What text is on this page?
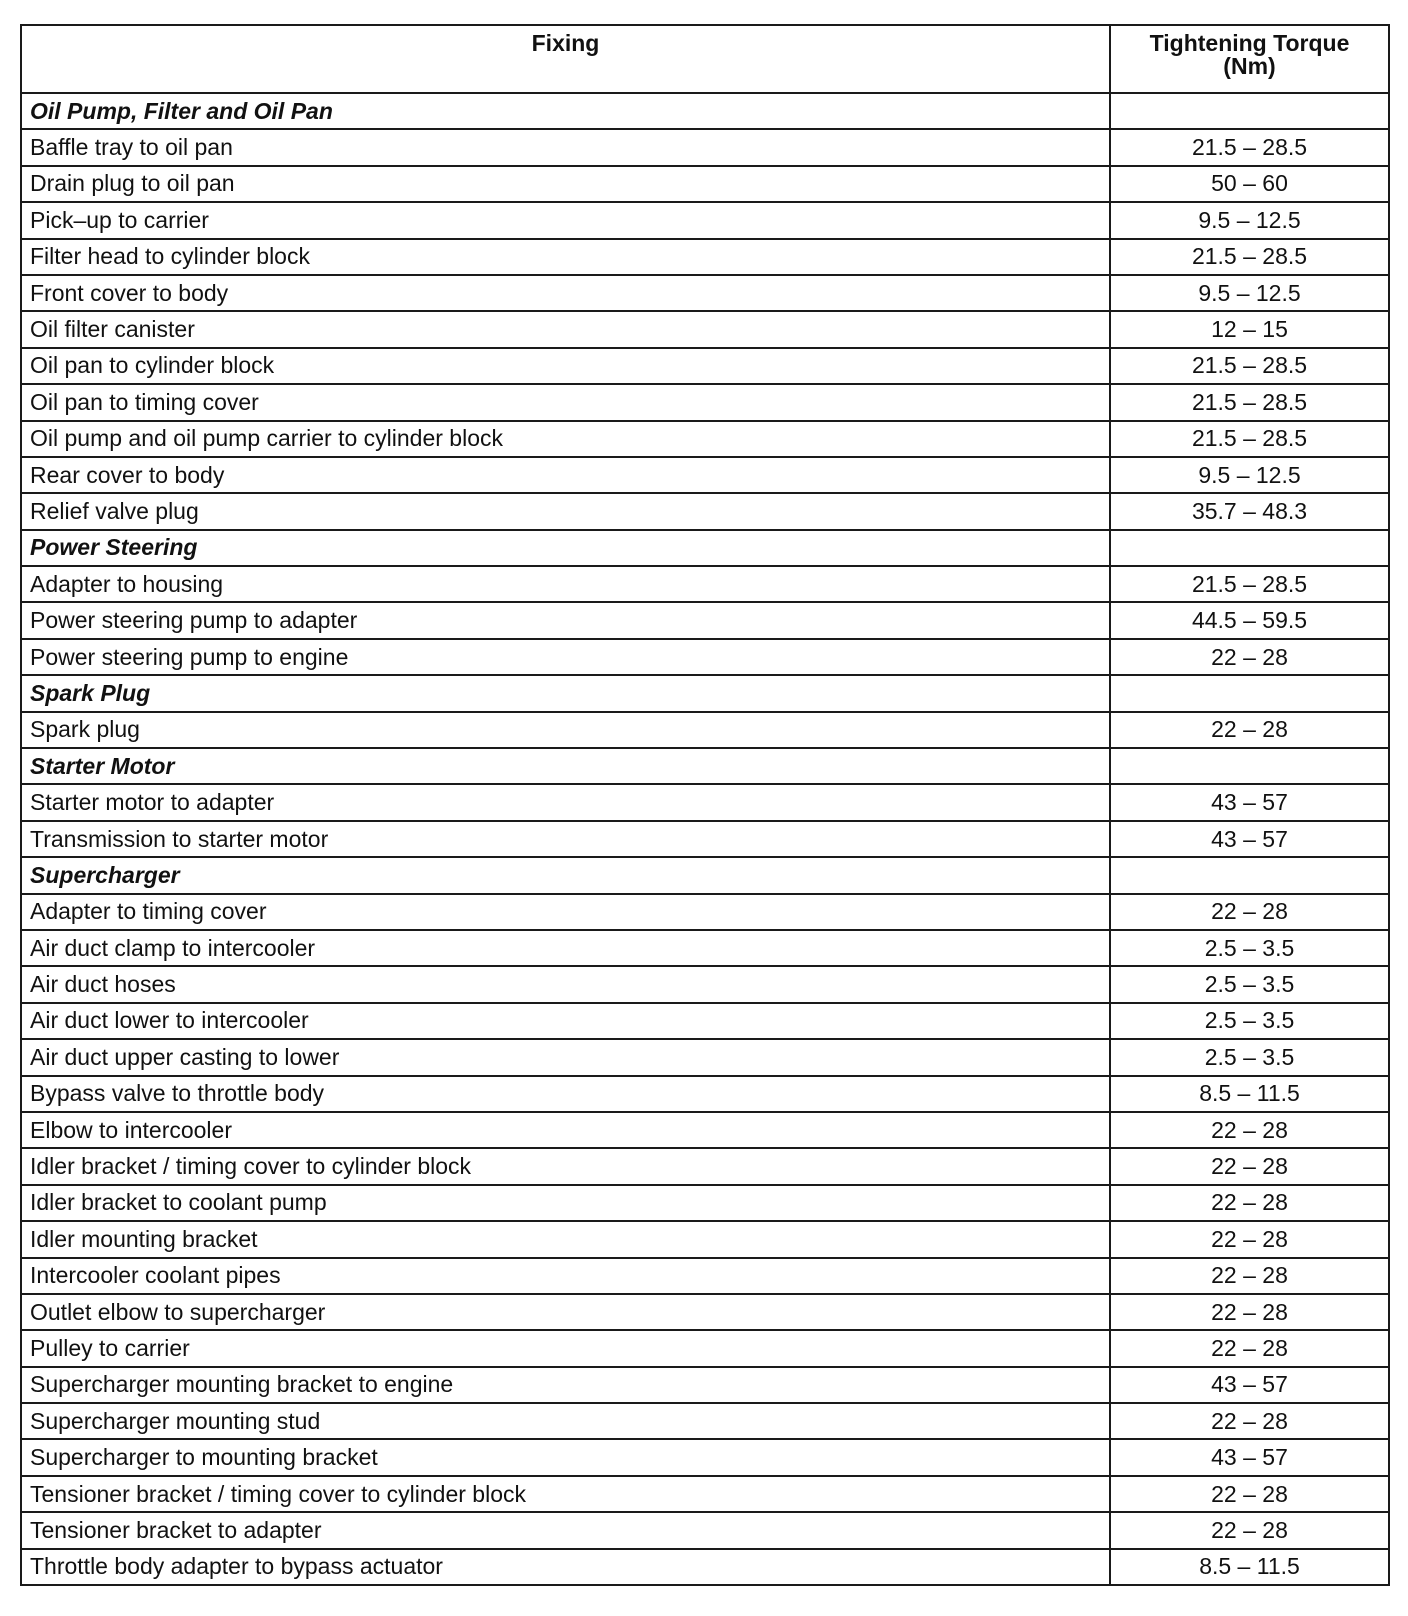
Fixing	Tightening Torque
(Nm)

Oil Pump, Filter and Oil Pan	
Baffle tray to oil pan	21.5 – 28.5
Drain plug to oil pan	50 – 60
Pick–up to carrier	9.5 – 12.5
Filter head to cylinder block	21.5 – 28.5
Front cover to body	9.5 – 12.5
Oil filter canister	12 – 15
Oil pan to cylinder block	21.5 – 28.5
Oil pan to timing cover	21.5 – 28.5
Oil pump and oil pump carrier to cylinder block	21.5 – 28.5
Rear cover to body	9.5 – 12.5
Relief valve plug	35.7 – 48.3
Power Steering	
Adapter to housing	21.5 – 28.5
Power steering pump to adapter	44.5 – 59.5
Power steering pump to engine	22 – 28
Spark Plug	
Spark plug	22 – 28
Starter Motor	
Starter motor to adapter	43 – 57
Transmission to starter motor	43 – 57
Supercharger	
Adapter to timing cover	22 – 28
Air duct clamp to intercooler	2.5 – 3.5
Air duct hoses	2.5 – 3.5
Air duct lower to intercooler	2.5 – 3.5
Air duct upper casting to lower	2.5 – 3.5
Bypass valve to throttle body	8.5 – 11.5
Elbow to intercooler	22 – 28
Idler bracket / timing cover to cylinder block	22 – 28
Idler bracket to coolant pump	22 – 28
Idler mounting bracket	22 – 28
Intercooler coolant pipes	22 – 28
Outlet elbow to supercharger	22 – 28
Pulley to carrier	22 – 28
Supercharger mounting bracket to engine	43 – 57
Supercharger mounting stud	22 – 28
Supercharger to mounting bracket	43 – 57
Tensioner bracket / timing cover to cylinder block	22 – 28
Tensioner bracket to adapter	22 – 28
Throttle body adapter to bypass actuator	8.5 – 11.5
